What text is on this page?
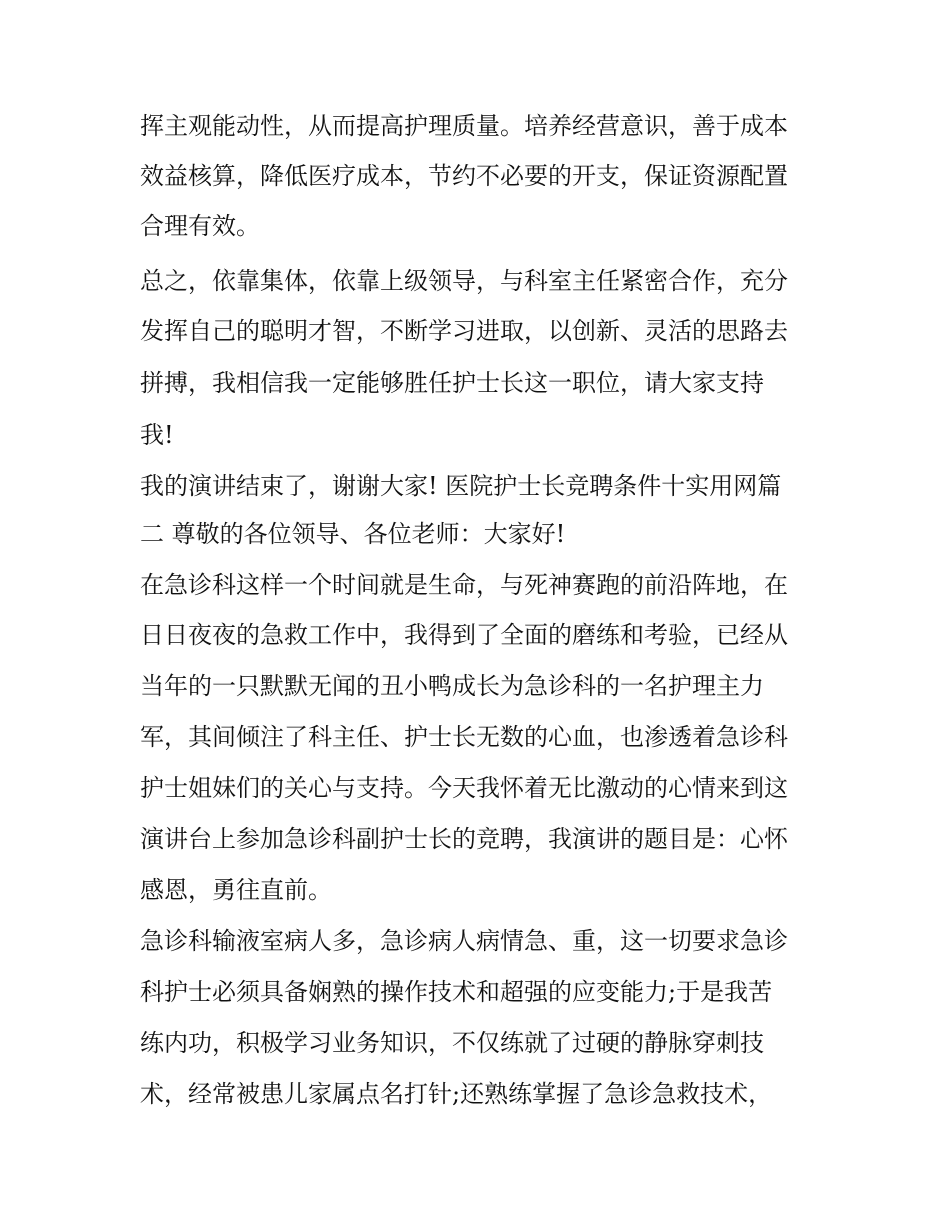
挥主观能动性，从而提高护理质量。培养经营意识，善于成本
效益核算，降低医疗成本，节约不必要的开支，保证资源配置
合理有效。
总之，依靠集体，依靠上级领导，与科室主任紧密合作，充分
发挥自己的聪明才智，不断学习进取，以创新、灵活的思路去
拼搏，我相信我一定能够胜任护士长这一职位，请大家支持
我!
我的演讲结束了，谢谢大家! 医院护士长竞聘条件十实用网篇
二 尊敬的各位领导、各位老师：大家好!
在急诊科这样一个时间就是生命，与死神赛跑的前沿阵地，在
日日夜夜的急救工作中，我得到了全面的磨练和考验，已经从
当年的一只默默无闻的丑小鸭成长为急诊科的一名护理主力
军，其间倾注了科主任、护士长无数的心血，也渗透着急诊科
护士姐妹们的关心与支持。今天我怀着无比激动的心情来到这
演讲台上参加急诊科副护士长的竞聘，我演讲的题目是：心怀
感恩，勇往直前。
急诊科输液室病人多，急诊病人病情急、重，这一切要求急诊
科护士必须具备娴熟的操作技术和超强的应变能力;于是我苦
练内功，积极学习业务知识，不仅练就了过硬的静脉穿刺技
术，经常被患儿家属点名打针;还熟练掌握了急诊急救技术，
